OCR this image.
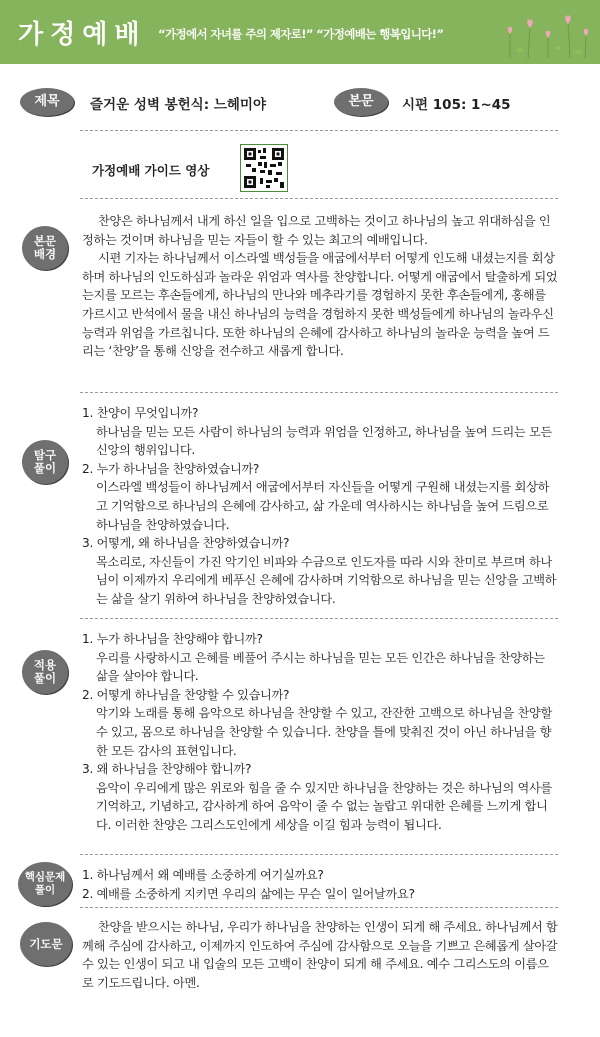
가정예배 “가정에서 자녀를 주의 제자로!” “가정예배는 행복입니다!”
제목	즐거운 성벽 봉헌식: 느헤미야	본문	시편 105: 1~45
가정예배 가이드 영상
본문
배경

찬양은 하나님께서 내게 하신 일을 입으로 고백하는 것이고 하나님의 높고 위대하심을 인정하는 것이며 하나님을 믿는 자들이 할 수 있는 최고의 예배입니다.

시편 기자는 하나님께서 이스라엘 백성들을 애굽에서부터 어떻게 인도해 내셨는지를 회상하며 하나님의 인도하심과 놀라운 위엄과 역사를 찬양합니다. 어떻게 애굽에서 탈출하게 되었는지를 모르는 후손들에게, 하나님의 만나와 메추라기를 경험하지 못한 후손들에게, 홍해를 가르시고 반석에서 물을 내신 하나님의 능력을 경험하지 못한 백성들에게 하나님의 놀라우신 능력과 위엄을 가르칩니다. 또한 하나님의 은혜에 감사하고 하나님의 놀라운 능력을 높여 드리는 ‘찬양’을 통해 신앙을 전수하고 새롭게 합니다.

탐구
풀이

1. 찬양이 무엇입니까?

하나님을 믿는 모든 사람이 하나님의 능력과 위엄을 인정하고, 하나님을 높여 드리는 모든 신앙의 행위입니다.

2. 누가 하나님을 찬양하였습니까?

이스라엘 백성들이 하나님께서 애굽에서부터 자신들을 어떻게 구원해 내셨는지를 회상하고 기억함으로 하나님의 은혜에 감사하고, 삶 가운데 역사하시는 하나님을 높여 드림으로 하나님을 찬양하였습니다.

3. 어떻게, 왜 하나님을 찬양하였습니까?

목소리로, 자신들이 가진 악기인 비파와 수금으로 인도자를 따라 시와 찬미로 부르며 하나님이 이제까지 우리에게 베푸신 은혜에 감사하며 기억함으로 하나님을 믿는 신앙을 고백하는 삶을 살기 위하여 하나님을 찬양하였습니다.

적용
풀이

1. 누가 하나님을 찬양해야 합니까?

우리를 사랑하시고 은혜를 베풀어 주시는 하나님을 믿는 모든 인간은 하나님을 찬양하는 삶을 살아야 합니다.

2. 어떻게 하나님을 찬양할 수 있습니까?

악기와 노래를 통해 음악으로 하나님을 찬양할 수 있고, 잔잔한 고백으로 하나님을 찬양할 수 있고, 몸으로 하나님을 찬양할 수 있습니다. 찬양을 틀에 맞춰진 것이 아닌 하나님을 향한 모든 감사의 표현입니다.

3. 왜 하나님을 찬양해야 합니까?

음악이 우리에게 많은 위로와 힘을 줄 수 있지만 하나님을 찬양하는 것은 하나님의 역사를 기억하고, 기념하고, 감사하게 하여 음악이 줄 수 없는 놀랍고 위대한 은혜를 느끼게 합니다. 이러한 찬양은 그리스도인에게 세상을 이길 힘과 능력이 됩니다.

핵심문제
풀이

1. 하나님께서 왜 예배를 소중하게 여기실까요?

2. 예배를 소중하게 지키면 우리의 삶에는 무슨 일이 일어날까요?

기도문

찬양을 받으시는 하나님, 우리가 하나님을 찬양하는 인생이 되게 해 주세요. 하나님께서 함께해 주심에 감사하고, 이제까지 인도하여 주심에 감사함으로 오늘을 기쁘고 은혜롭게 살아갈 수 있는 인생이 되고 내 입술의 모든 고백이 찬양이 되게 해 주세요. 예수 그리스도의 이름으로 기도드립니다. 아멘.
